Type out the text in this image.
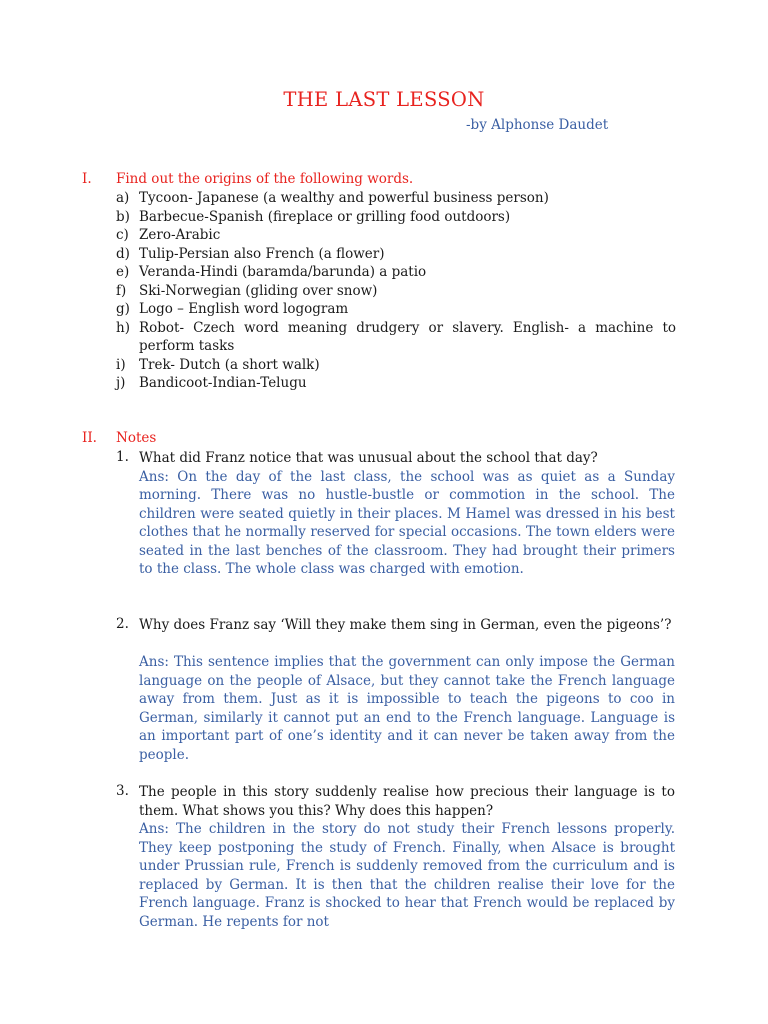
THE LAST LESSON
-by Alphonse Daudet
I. Find out the origins of the following words.
a) Tycoon- Japanese (a wealthy and powerful business person)
b) Barbecue-Spanish (fireplace or grilling food outdoors)
c) Zero-Arabic
d) Tulip-Persian also French (a flower)
e) Veranda-Hindi (baramda/barunda) a patio
f) Ski-Norwegian (gliding over snow)
g) Logo – English word logogram
h) Robot- Czech word meaning drudgery or slavery. English- a machine to perform tasks
i) Trek- Dutch (a short walk)
j) Bandicoot-Indian-Telugu
II. Notes
1. What did Franz notice that was unusual about the school that day?
Ans: On the day of the last class, the school was as quiet as a Sunday morning. There was no hustle-bustle or commotion in the school. The children were seated quietly in their places. M Hamel was dressed in his best clothes that he normally reserved for special occasions. The town elders were seated in the last benches of the classroom. They had brought their primers to the class. The whole class was charged with emotion.
2. Why does Franz say ‘Will they make them sing in German, even the pigeons’?
Ans: This sentence implies that the government can only impose the German language on the people of Alsace, but they cannot take the French language away from them. Just as it is impossible to teach the pigeons to coo in German, similarly it cannot put an end to the French language. Language is an important part of one’s identity and it can never be taken away from the people.
3. The people in this story suddenly realise how precious their language is to them. What shows you this? Why does this happen?
Ans: The children in the story do not study their French lessons properly. They keep postponing the study of French. Finally, when Alsace is brought under Prussian rule, French is suddenly removed from the curriculum and is replaced by German. It is then that the children realise their love for the French language. Franz is shocked to hear that French would be replaced by German. He repents for not
